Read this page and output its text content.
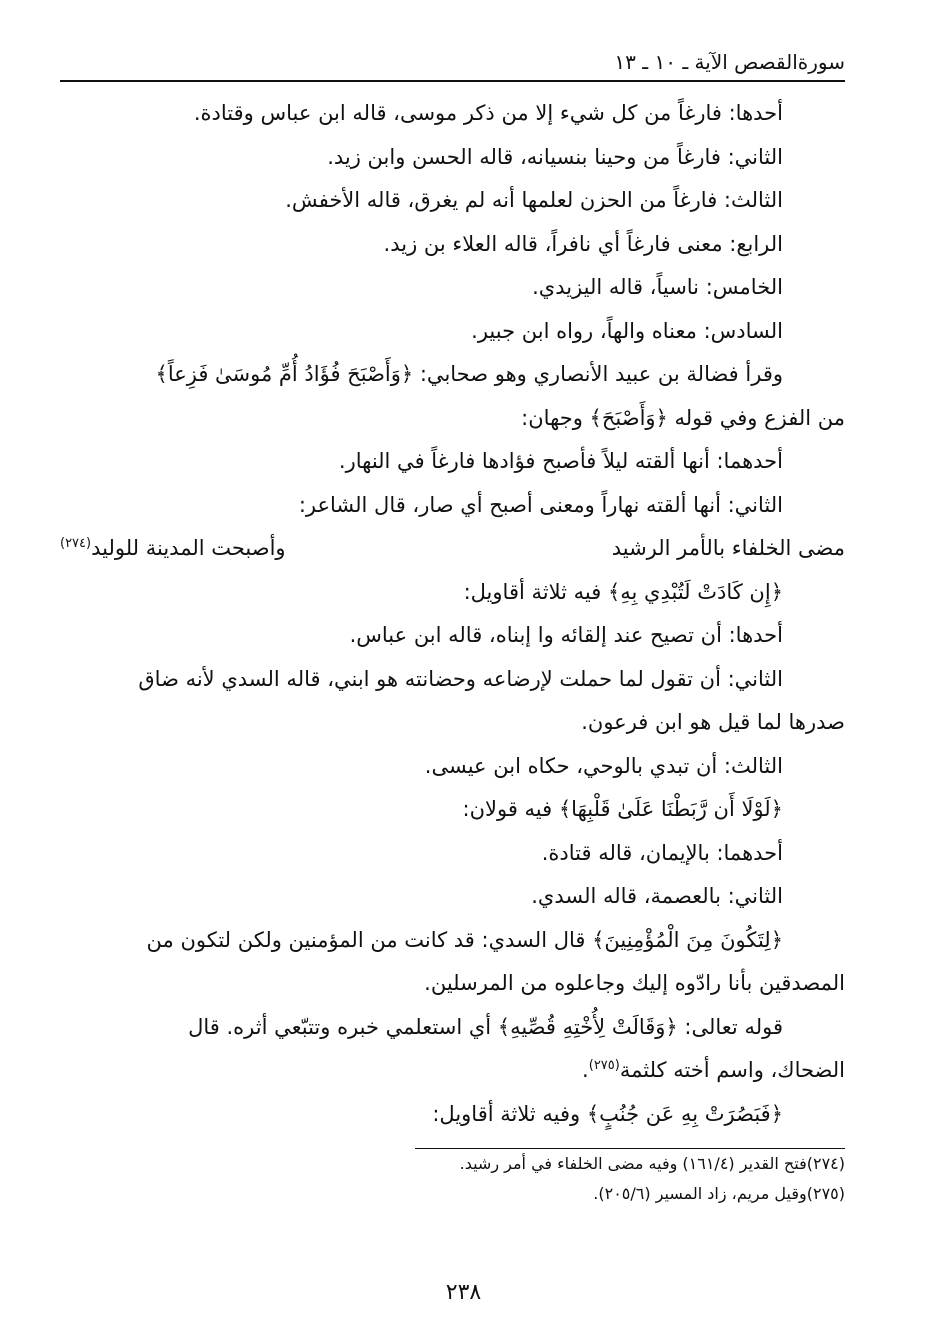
سورةالقصص الآية ـ ١٠ ـ ١٣

أحدها: فارغاً من كل شيء إلا من ذكر موسى، قاله ابن عباس وقتادة.

الثاني: فارغاً من وحينا بنسيانه، قاله الحسن وابن زيد.

الثالث: فارغاً من الحزن لعلمها أنه لم يغرق، قاله الأخفش.

الرابع: معنى فارغاً أي نافراً، قاله العلاء بن زيد.

الخامس: ناسياً، قاله اليزيدي.

السادس: معناه والهاً، رواه ابن جبير.

وقرأ فضالة بن عبيد الأنصاري وهو صحابي: ﴿وَأَصْبَحَ فُؤَادُ أُمِّ مُوسَىٰ فَزِعاً﴾

من الفزع وفي قوله ﴿وَأَصْبَحَ﴾ وجهان:

أحدهما: أنها ألقته ليلاً فأصبح فؤادها فارغاً في النهار.

الثاني: أنها ألقته نهاراً ومعنى أصبح أي صار، قال الشاعر:

مضى الخلفاء بالأمر الرشيد
وأصبحت المدينة للوليد$^{(٢٧٤)}$

﴿إِن كَادَتْ لَتُبْدِي بِهِ﴾ فيه ثلاثة أقاويل:

أحدها: أن تصيح عند إلقائه وا إبناه، قاله ابن عباس.

الثاني: أن تقول لما حملت لإرضاعه وحضانته هو ابني، قاله السدي لأنه ضاق

صدرها لما قيل هو ابن فرعون.

الثالث: أن تبدي بالوحي، حكاه ابن عيسى.

﴿لَوْلَا أَن رَّبَطْنَا عَلَىٰ قَلْبِهَا﴾ فيه قولان:

أحدهما: بالإيمان، قاله قتادة.

الثاني: بالعصمة، قاله السدي.

﴿لِتَكُونَ مِنَ الْمُؤْمِنِينَ﴾ قال السدي: قد كانت من المؤمنين ولكن لتكون من

المصدقين بأنا رادّوه إليك وجاعلوه من المرسلين.

قوله تعالى: ﴿وَقَالَتْ لِأُخْتِهِ قُصِّيهِ﴾ أي استعلمي خبره وتتبّعي أثره. قال

الضحاك، واسم أخته كلثمة$^{(٢٧٥)}$.

﴿فَبَصُرَتْ بِهِ عَن جُنُبٍ﴾ وفيه ثلاثة أقاويل:

(٢٧٤)فتح القدير (١٦١/٤) وفيه مضى الخلفاء في أمر رشيد.
(٢٧٥)وقيل مريم، زاد المسير (٢٠٥/٦).
٢٣٨
